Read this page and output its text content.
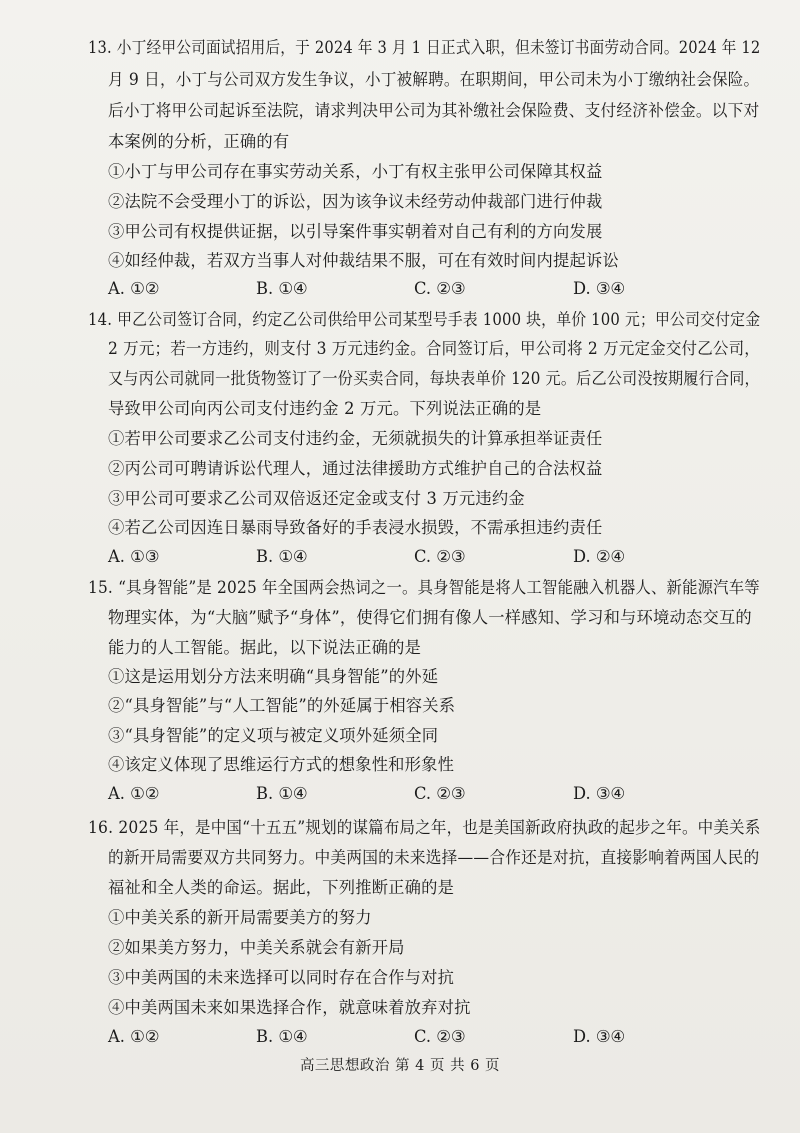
13. 小丁经甲公司面试招用后，于 2024 年 3 月 1 日正式入职，但未签订书面劳动合同。2024 年 12
月 9 日，小丁与公司双方发生争议，小丁被解聘。在职期间，甲公司未为小丁缴纳社会保险。
后小丁将甲公司起诉至法院，请求判决甲公司为其补缴社会保险费、支付经济补偿金。以下对
本案例的分析，正确的有
①小丁与甲公司存在事实劳动关系，小丁有权主张甲公司保障其权益
②法院不会受理小丁的诉讼，因为该争议未经劳动仲裁部门进行仲裁
③甲公司有权提供证据，以引导案件事实朝着对自己有利的方向发展
④如经仲裁，若双方当事人对仲裁结果不服，可在有效时间内提起诉讼
A. ①②	B. ①④	C. ②③	D. ③④
14. 甲乙公司签订合同，约定乙公司供给甲公司某型号手表 1000 块，单价 100 元；甲公司交付定金
2 万元；若一方违约，则支付 3 万元违约金。合同签订后，甲公司将 2 万元定金交付乙公司，
又与丙公司就同一批货物签订了一份买卖合同，每块表单价 120 元。后乙公司没按期履行合同，
导致甲公司向丙公司支付违约金 2 万元。下列说法正确的是
①若甲公司要求乙公司支付违约金，无须就损失的计算承担举证责任
②丙公司可聘请诉讼代理人，通过法律援助方式维护自己的合法权益
③甲公司可要求乙公司双倍返还定金或支付 3 万元违约金
④若乙公司因连日暴雨导致备好的手表浸水损毁，不需承担违约责任
A. ①③	B. ①④	C. ②③	D. ②④
15. “具身智能”是 2025 年全国两会热词之一。具身智能是将人工智能融入机器人、新能源汽车等
物理实体，为“大脑”赋予“身体”，使得它们拥有像人一样感知、学习和与环境动态交互的
能力的人工智能。据此，以下说法正确的是
①这是运用划分方法来明确“具身智能”的外延
②“具身智能”与“人工智能”的外延属于相容关系
③“具身智能”的定义项与被定义项外延须全同
④该定义体现了思维运行方式的想象性和形象性
A. ①②	B. ①④	C. ②③	D. ③④
16. 2025 年，是中国“十五五”规划的谋篇布局之年，也是美国新政府执政的起步之年。中美关系
的新开局需要双方共同努力。中美两国的未来选择——合作还是对抗，直接影响着两国人民的
福祉和全人类的命运。据此，下列推断正确的是
①中美关系的新开局需要美方的努力
②如果美方努力，中美关系就会有新开局
③中美两国的未来选择可以同时存在合作与对抗
④中美两国未来如果选择合作，就意味着放弃对抗
A. ①②	B. ①④	C. ②③	D. ③④
高三思想政治 第 4 页 共 6 页
